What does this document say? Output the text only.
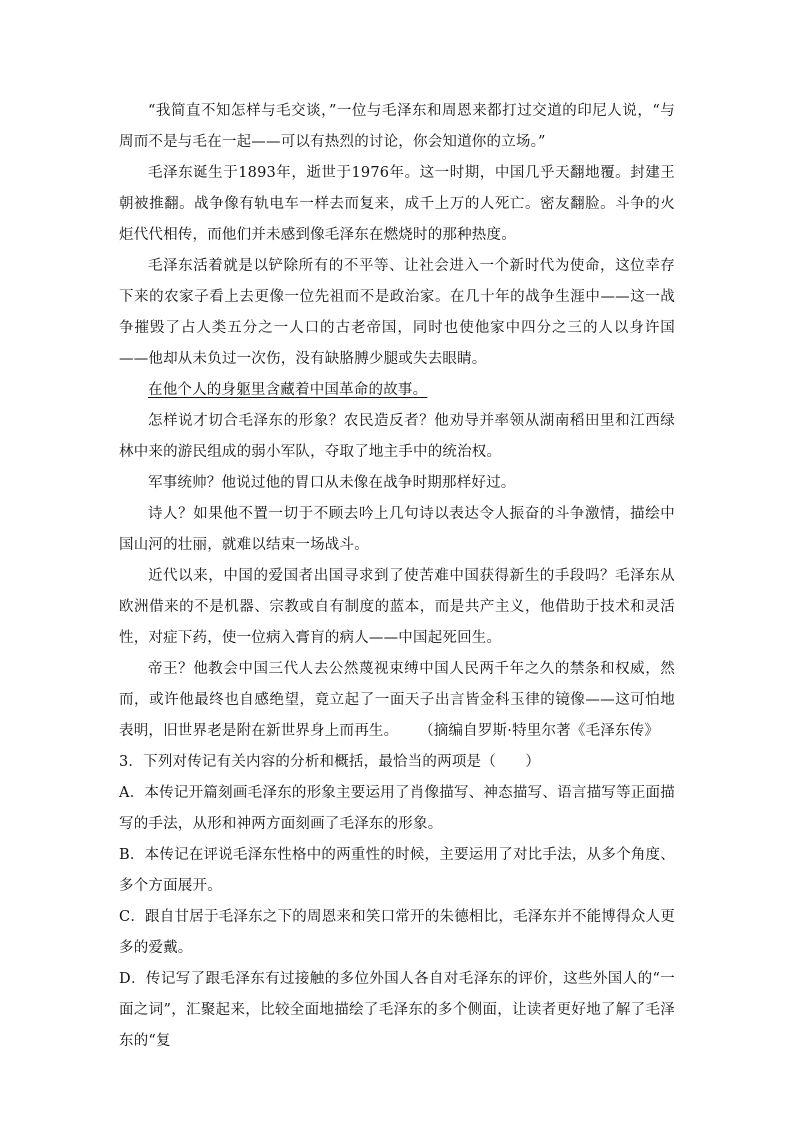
“我简直不知怎样与毛交谈，”一位与毛泽东和周恩来都打过交道的印尼人说，“与周而不是与毛在一起——可以有热烈的讨论，你会知道你的立场。”

毛泽东诞生于1893年，逝世于1976年。这一时期，中国几乎天翻地覆。封建王朝被推翻。战争像有轨电车一样去而复来，成千上万的人死亡。密友翻脸。斗争的火炬代代相传，而他们并未感到像毛泽东在燃烧时的那种热度。

毛泽东活着就是以铲除所有的不平等、让社会进入一个新时代为使命，这位幸存下来的农家子看上去更像一位先祖而不是政治家。在几十年的战争生涯中——这一战争摧毁了占人类五分之一人口的古老帝国，同时也使他家中四分之三的人以身许国——他却从未负过一次伤，没有缺胳膊少腿或失去眼睛。

在他个人的身躯里含藏着中国革命的故事。

怎样说才切合毛泽东的形象？农民造反者？他劝导并率领从湖南稻田里和江西绿林中来的游民组成的弱小军队，夺取了地主手中的统治权。

军事统帅？他说过他的胃口从未像在战争时期那样好过。

诗人？如果他不置一切于不顾去吟上几句诗以表达令人振奋的斗争激情，描绘中国山河的壮丽，就难以结束一场战斗。

近代以来，中国的爱国者出国寻求到了使苦难中国获得新生的手段吗？毛泽东从欧洲借来的不是机器、宗教或自有制度的蓝本，而是共产主义，他借助于技术和灵活性，对症下药，使一位病入膏肓的病人——中国起死回生。

帝王？他教会中国三代人去公然蔑视束缚中国人民两千年之久的禁条和权威，然而，或许他最终也自感绝望，竟立起了一面天子出言皆金科玉律的镜像——这可怕地表明，旧世界老是附在新世界身上而再生。 （摘编自罗斯·特里尔著《毛泽东传》

3．下列对传记有关内容的分析和概括，最恰当的两项是（　　）

A．本传记开篇刻画毛泽东的形象主要运用了肖像描写、神态描写、语言描写等正面描写的手法，从形和神两方面刻画了毛泽东的形象。

B．本传记在评说毛泽东性格中的两重性的时候，主要运用了对比手法，从多个角度、多个方面展开。

C．跟自甘居于毛泽东之下的周恩来和笑口常开的朱德相比，毛泽东并不能博得众人更多的爱戴。

D．传记写了跟毛泽东有过接触的多位外国人各自对毛泽东的评价，这些外国人的“一面之词”，汇聚起来，比较全面地描绘了毛泽东的多个侧面，让读者更好地了解了毛泽东的“复
